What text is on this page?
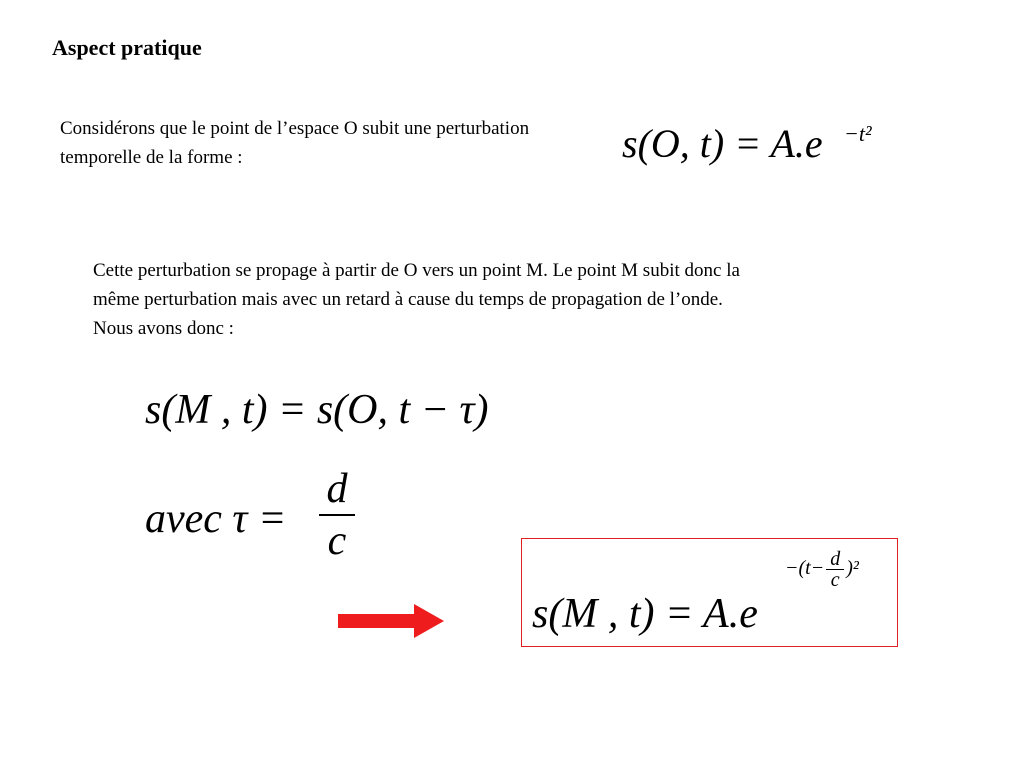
Aspect pratique
Considérons que le point de l’espace O subit une perturbation temporelle de la forme :	s(O, t) = A.e −t²
Cette perturbation se propage à partir de O vers un point M. Le point M subit donc la même perturbation mais avec un retard à cause du temps de propagation de l’onde. Nous avons donc :
s(M , t) = s(O, t − τ)
avec τ =
d
c
s(M , t) = A.e
$-(t- \frac{d}{c} )^2$
